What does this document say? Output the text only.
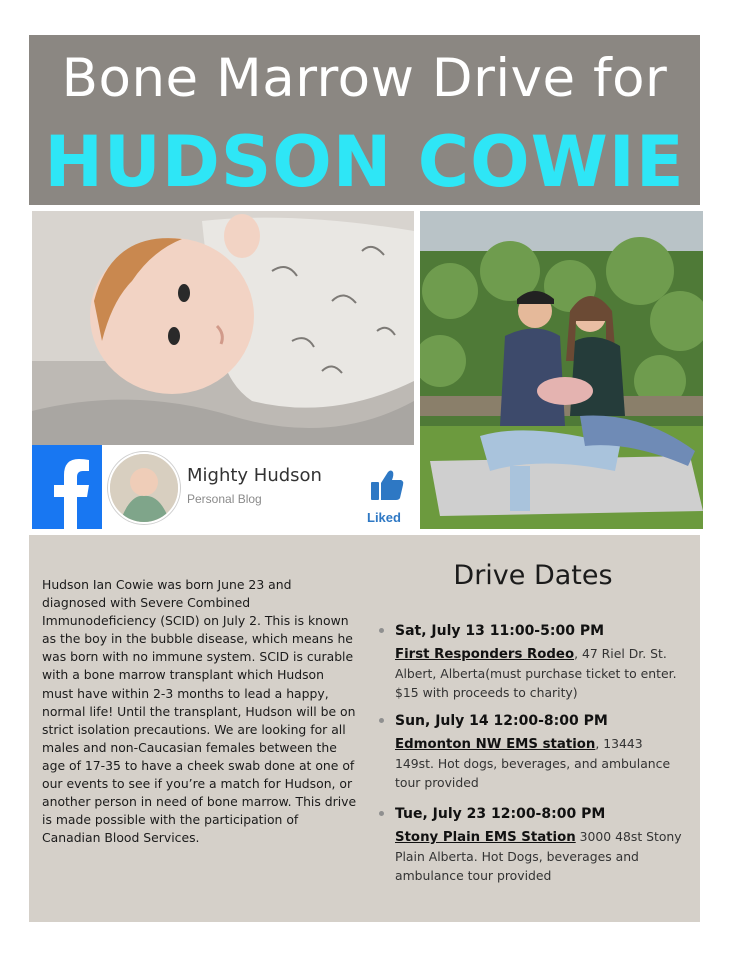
Bone Marrow Drive for
HUDSON COWIE
Mighty Hudson
Personal Blog
Liked
Hudson Ian Cowie was born June 23 and diagnosed with Severe Combined Immunodeficiency (SCID) on July 2. This is known as the boy in the bubble disease, which means he was born with no immune system. SCID is curable with a bone marrow transplant which Hudson must have within 2-3 months to lead a happy, normal life! Until the transplant, Hudson will be on strict isolation precautions. We are looking for all males and non-Caucasian females between the age of 17-35 to have a cheek swab done at one of our events to see if you’re a match for Hudson, or another person in need of bone marrow. This drive is made possible with the participation of Canadian Blood Services.
Drive Dates
Sat, July 13 11:00-5:00 PM
First Responders Rodeo, 47 Riel Dr. St. Albert, Alberta(must purchase ticket to enter. $15 with proceeds to charity)
Sun, July 14 12:00-8:00 PM
Edmonton NW EMS station, 13443 149st. Hot dogs, beverages, and ambulance tour provided
Tue, July 23 12:00-8:00 PM
Stony Plain EMS Station 3000 48st Stony Plain Alberta. Hot Dogs, beverages and ambulance tour provided
